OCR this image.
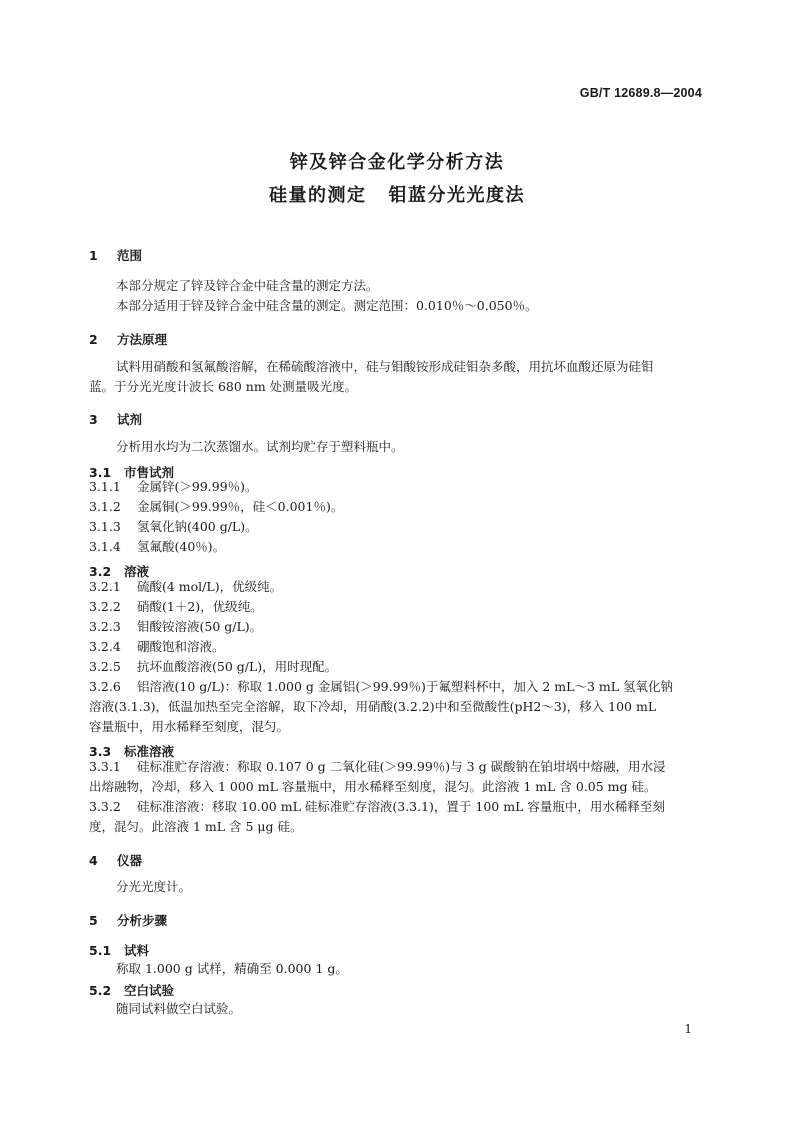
GB/T 12689.8—2004
锌及锌合金化学分析方法
硅量的测定 钼蓝分光光度法
1 范围
本部分规定了锌及锌合金中硅含量的测定方法。
本部分适用于锌及锌合金中硅含量的测定。测定范围：0.010％～0.050％。
2 方法原理
试料用硝酸和氢氟酸溶解，在稀硫酸溶液中，硅与钼酸铵形成硅钼杂多酸，用抗坏血酸还原为硅钼
蓝。于分光光度计波长 680 nm 处测量吸光度。
3 试剂
分析用水均为二次蒸馏水。试剂均贮存于塑料瓶中。
3.1 市售试剂
3.1.1 金属锌(＞99.99％)。
3.1.2 金属铜(＞99.99％，硅＜0.001％)。
3.1.3 氢氧化钠(400 g/L)。
3.1.4 氢氟酸(40％)。
3.2 溶液
3.2.1 硫酸(4 mol/L)，优级纯。
3.2.2 硝酸(1＋2)，优级纯。
3.2.3 钼酸铵溶液(50 g/L)。
3.2.4 硼酸饱和溶液。
3.2.5 抗坏血酸溶液(50 g/L)，用时现配。
3.2.6 铝溶液(10 g/L)：称取 1.000 g 金属铝(＞99.99％)于氟塑料杯中，加入 2 mL～3 mL 氢氧化钠
溶液(3.1.3)，低温加热至完全溶解，取下冷却，用硝酸(3.2.2)中和至微酸性(pH2～3)，移入 100 mL
容量瓶中，用水稀释至刻度，混匀。
3.3 标准溶液
3.3.1 硅标准贮存溶液：称取 0.107 0 g 二氧化硅(＞99.99％)与 3 g 碳酸钠在铂坩埚中熔融，用水浸
出熔融物，冷却，移入 1 000 mL 容量瓶中，用水稀释至刻度，混匀。此溶液 1 mL 含 0.05 mg 硅。
3.3.2 硅标准溶液：移取 10.00 mL 硅标准贮存溶液(3.3.1)，置于 100 mL 容量瓶中，用水稀释至刻
度，混匀。此溶液 1 mL 含 5 μg 硅。
4 仪器
分光光度计。
5 分析步骤
5.1 试料
称取 1.000 g 试样，精确至 0.000 1 g。
5.2 空白试验
随同试料做空白试验。
1
